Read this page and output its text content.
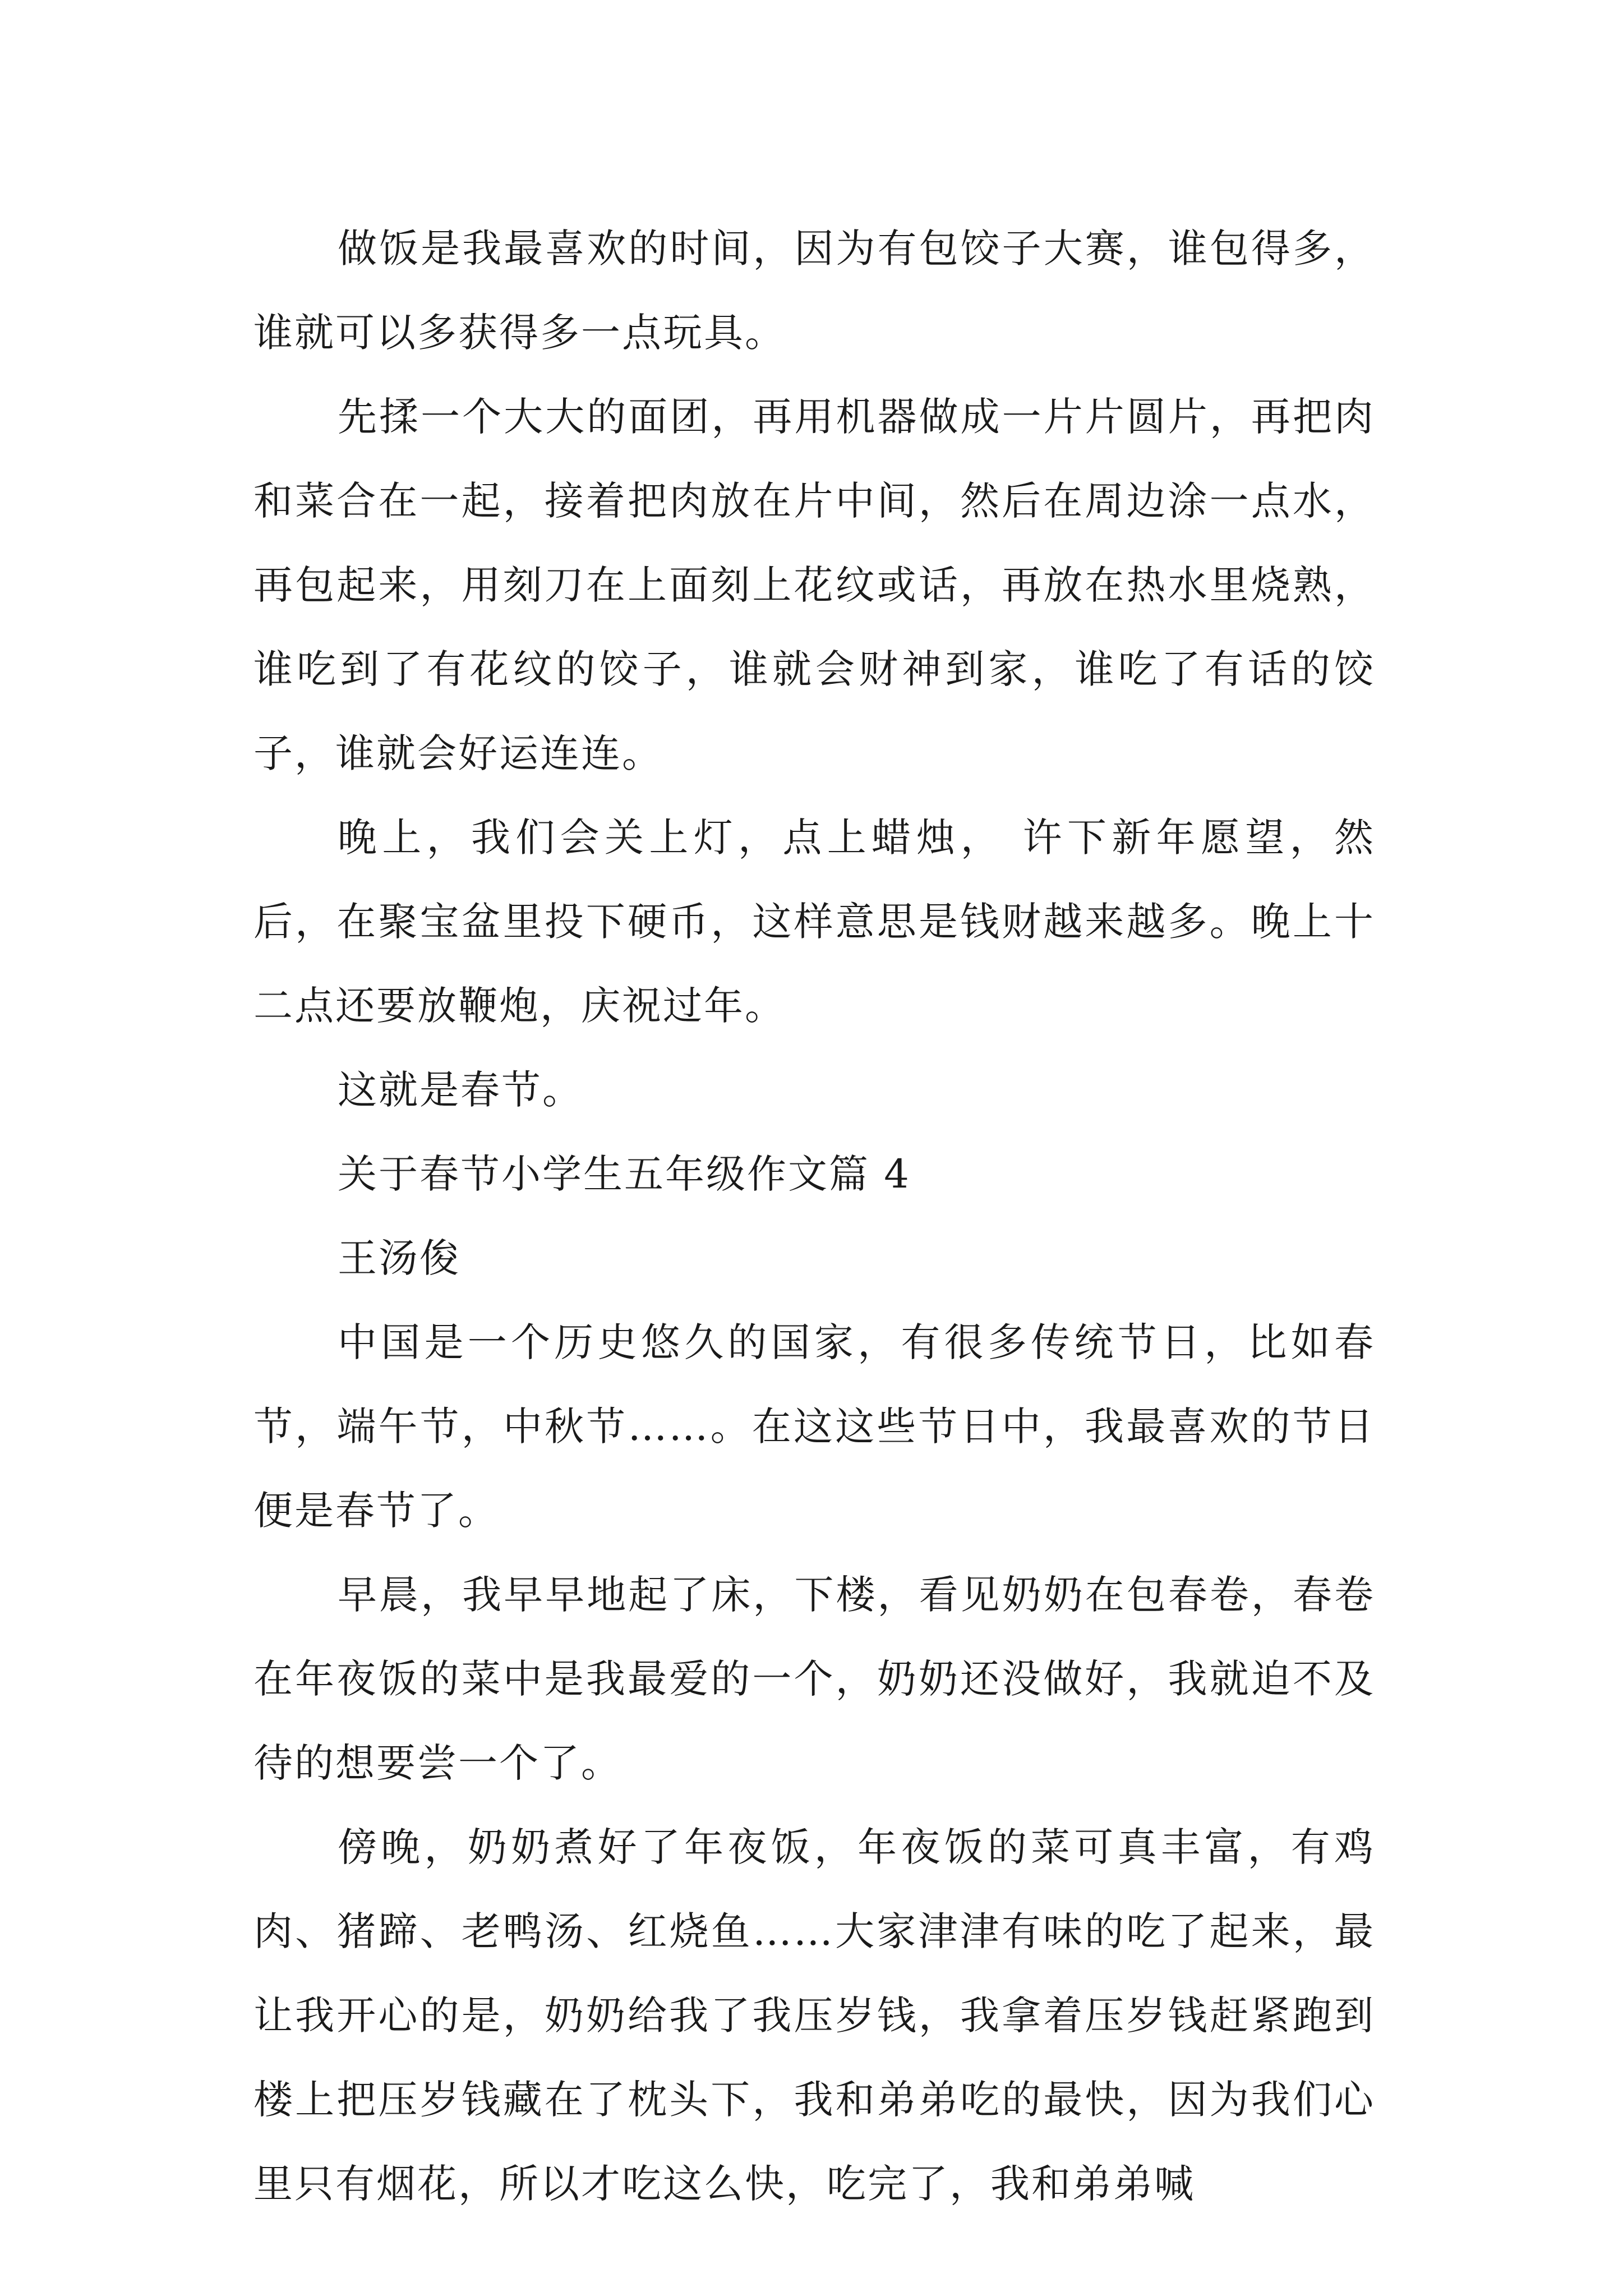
做饭是我最喜欢的时间，因为有包饺子大赛，谁包得多，谁就可以多获得多一点玩具。

先揉一个大大的面团，再用机器做成一片片圆片，再把肉和菜合在一起，接着把肉放在片中间，然后在周边涂一点水，再包起来，用刻刀在上面刻上花纹或话，再放在热水里烧熟，谁吃到了有花纹的饺子，谁就会财神到家，谁吃了有话的饺子，谁就会好运连连。

晚上，我们会关上灯，点上蜡烛， 许下新年愿望，然后，在聚宝盆里投下硬币，这样意思是钱财越来越多。晚上十二点还要放鞭炮，庆祝过年。

这就是春节。

关于春节小学生五年级作文篇 4

王汤俊

中国是一个历史悠久的国家，有很多传统节日，比如春节，端午节，中秋节……。在这这些节日中，我最喜欢的节日便是春节了。

早晨，我早早地起了床，下楼，看见奶奶在包春卷，春卷在年夜饭的菜中是我最爱的一个，奶奶还没做好，我就迫不及待的想要尝一个了。

傍晚，奶奶煮好了年夜饭，年夜饭的菜可真丰富，有鸡肉、猪蹄、老鸭汤、红烧鱼……大家津津有味的吃了起来，最让我开心的是，奶奶给我了我压岁钱，我拿着压岁钱赶紧跑到楼上把压岁钱藏在了枕头下，我和弟弟吃的最快，因为我们心里只有烟花，所以才吃这么快，吃完了，我和弟弟喊
